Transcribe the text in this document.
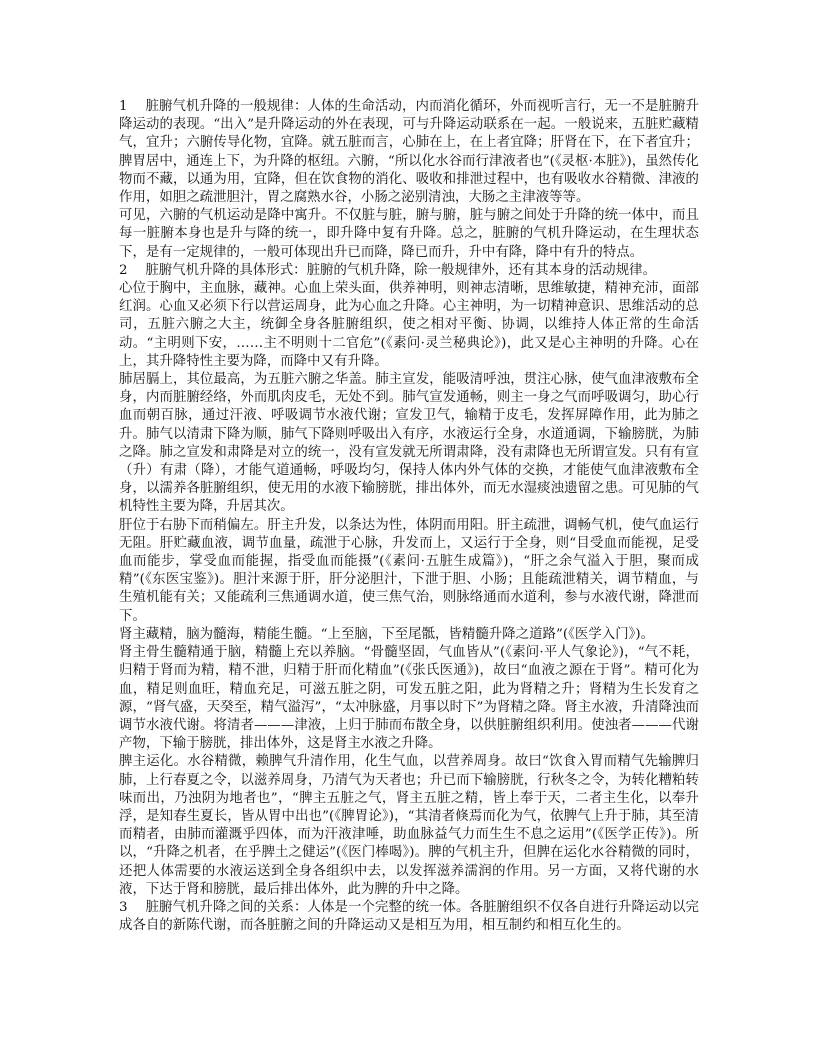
1　 脏腑气机升降的一般规律：人体的生命活动，内而消化循环，外而视听言行，无一不是脏腑升降运动的表现。“出入”是升降运动的外在表现，可与升降运动联系在一起。一般说来，五脏贮藏精气，宜升；六腑传导化物，宜降。就五脏而言，心肺在上，在上者宜降；肝肾在下，在下者宜升；脾胃居中，通连上下，为升降的枢纽。六腑，“所以化水谷而行津液者也”(《灵枢·本脏》)，虽然传化物而不藏，以通为用，宜降，但在饮食物的消化、吸收和排泄过程中，也有吸收水谷精微、津液的作用，如胆之疏泄胆汁，胃之腐熟水谷，小肠之泌别清浊，大肠之主津液等等。

可见，六腑的气机运动是降中寓升。不仅脏与脏，腑与腑，脏与腑之间处于升降的统一体中，而且每一脏腑本身也是升与降的统一，即升降中复有升降。总之，脏腑的气机升降运动，在生理状态下，是有一定规律的，一般可体现出升已而降，降已而升，升中有降，降中有升的特点。

2　 脏腑气机升降的具体形式：脏腑的气机升降，除一般规律外，还有其本身的活动规律。

心位于胸中，主血脉，藏神。心血上荣头面，供养神明，则神志清晰，思维敏捷，精神充沛，面部红润。心血又必须下行以营运周身，此为心血之升降。心主神明，为一切精神意识、思维活动的总司，五脏六腑之大主，统御全身各脏腑组织，使之相对平衡、协调，以维持人体正常的生命活动。“主明则下安，……主不明则十二官危”(《素问·灵兰秘典论》)，此又是心主神明的升降。心在上，其升降特性主要为降，而降中又有升降。

肺居膈上，其位最高，为五脏六腑之华盖。肺主宣发，能吸清呼浊，贯注心脉，使气血津液敷布全身，内而脏腑经络，外而肌肉皮毛，无处不到。肺气宣发通畅，则主一身之气而呼吸调匀，助心行血而朝百脉，通过汗液、呼吸调节水液代谢；宣发卫气，输精于皮毛，发挥屏障作用，此为肺之升。肺气以清肃下降为顺，肺气下降则呼吸出入有序，水液运行全身，水道通调，下输膀胱，为肺之降。肺之宣发和肃降是对立的统一，没有宣发就无所谓肃降，没有肃降也无所谓宣发。只有有宣（升）有肃（降），才能气道通畅，呼吸均匀，保持人体内外气体的交换，才能使气血津液敷布全身，以濡养各脏腑组织，使无用的水液下输膀胱，排出体外，而无水湿痰浊遗留之患。可见肺的气机特性主要为降，升居其次。

肝位于右胁下而稍偏左。肝主升发，以条达为性，体阴而用阳。肝主疏泄，调畅气机，使气血运行无阻。肝贮藏血液，调节血量，疏泄于心脉，升发而上，又运行于全身，则“目受血而能视，足受血而能步，掌受血而能握，指受血而能摄”(《素问·五脏生成篇》)，“肝之余气溢入于胆，聚而成精”(《东医宝鉴》)。胆汁来源于肝，肝分泌胆汁，下泄于胆、小肠；且能疏泄精关，调节精血，与生殖机能有关；又能疏利三焦通调水道，使三焦气治，则脉络通而水道利，参与水液代谢，降泄而下。

肾主藏精，脑为髓海，精能生髓。“上至脑，下至尾骶，皆精髓升降之道路”(《医学入门》)。

肾主骨生髓精通于脑，精髓上充以养脑。“骨髓坚固，气血皆从”(《素问·平人气象论》)，“气不耗，归精于肾而为精，精不泄，归精于肝而化精血”(《张氏医通》)，故曰“血液之源在于肾”。精可化为血，精足则血旺，精血充足，可滋五脏之阴，可发五脏之阳，此为肾精之升；肾精为生长发育之源，“肾气盛，天癸至，精气溢泻”，“太冲脉盛，月事以时下”为肾精之降。肾主水液，升清降浊而调节水液代谢。将清者———津液，上归于肺而布散全身，以供脏腑组织利用。使浊者———代谢产物，下输于膀胱，排出体外，这是肾主水液之升降。

脾主运化。水谷精微，赖脾气升清作用，化生气血，以营养周身。故曰“饮食入胃而精气先输脾归肺，上行春夏之令，以滋养周身，乃清气为天者也；升已而下输膀胱，行秋冬之令，为转化糟粕转味而出，乃浊阴为地者也”，“脾主五脏之气，肾主五脏之精，皆上奉于天，二者主生化，以奉升浮，是知春生夏长，皆从胃中出也”(《脾胃论》)，“其清者倏焉而化为气，依脾气上升于肺，其至清而精者，由肺而灌溉乎四体，而为汗液津唾，助血脉益气力而生生不息之运用”(《医学正传》)。所以，“升降之机者，在乎脾土之健运”(《医门棒喝》)。脾的气机主升，但脾在运化水谷精微的同时，还把人体需要的水液运送到全身各组织中去，以发挥滋养濡润的作用。另一方面，又将代谢的水液，下达于肾和膀胱，最后排出体外，此为脾的升中之降。

3　 脏腑气机升降之间的关系：人体是一个完整的统一体。各脏腑组织不仅各自进行升降运动以完成各自的新陈代谢，而各脏腑之间的升降运动又是相互为用，相互制约和相互化生的。
